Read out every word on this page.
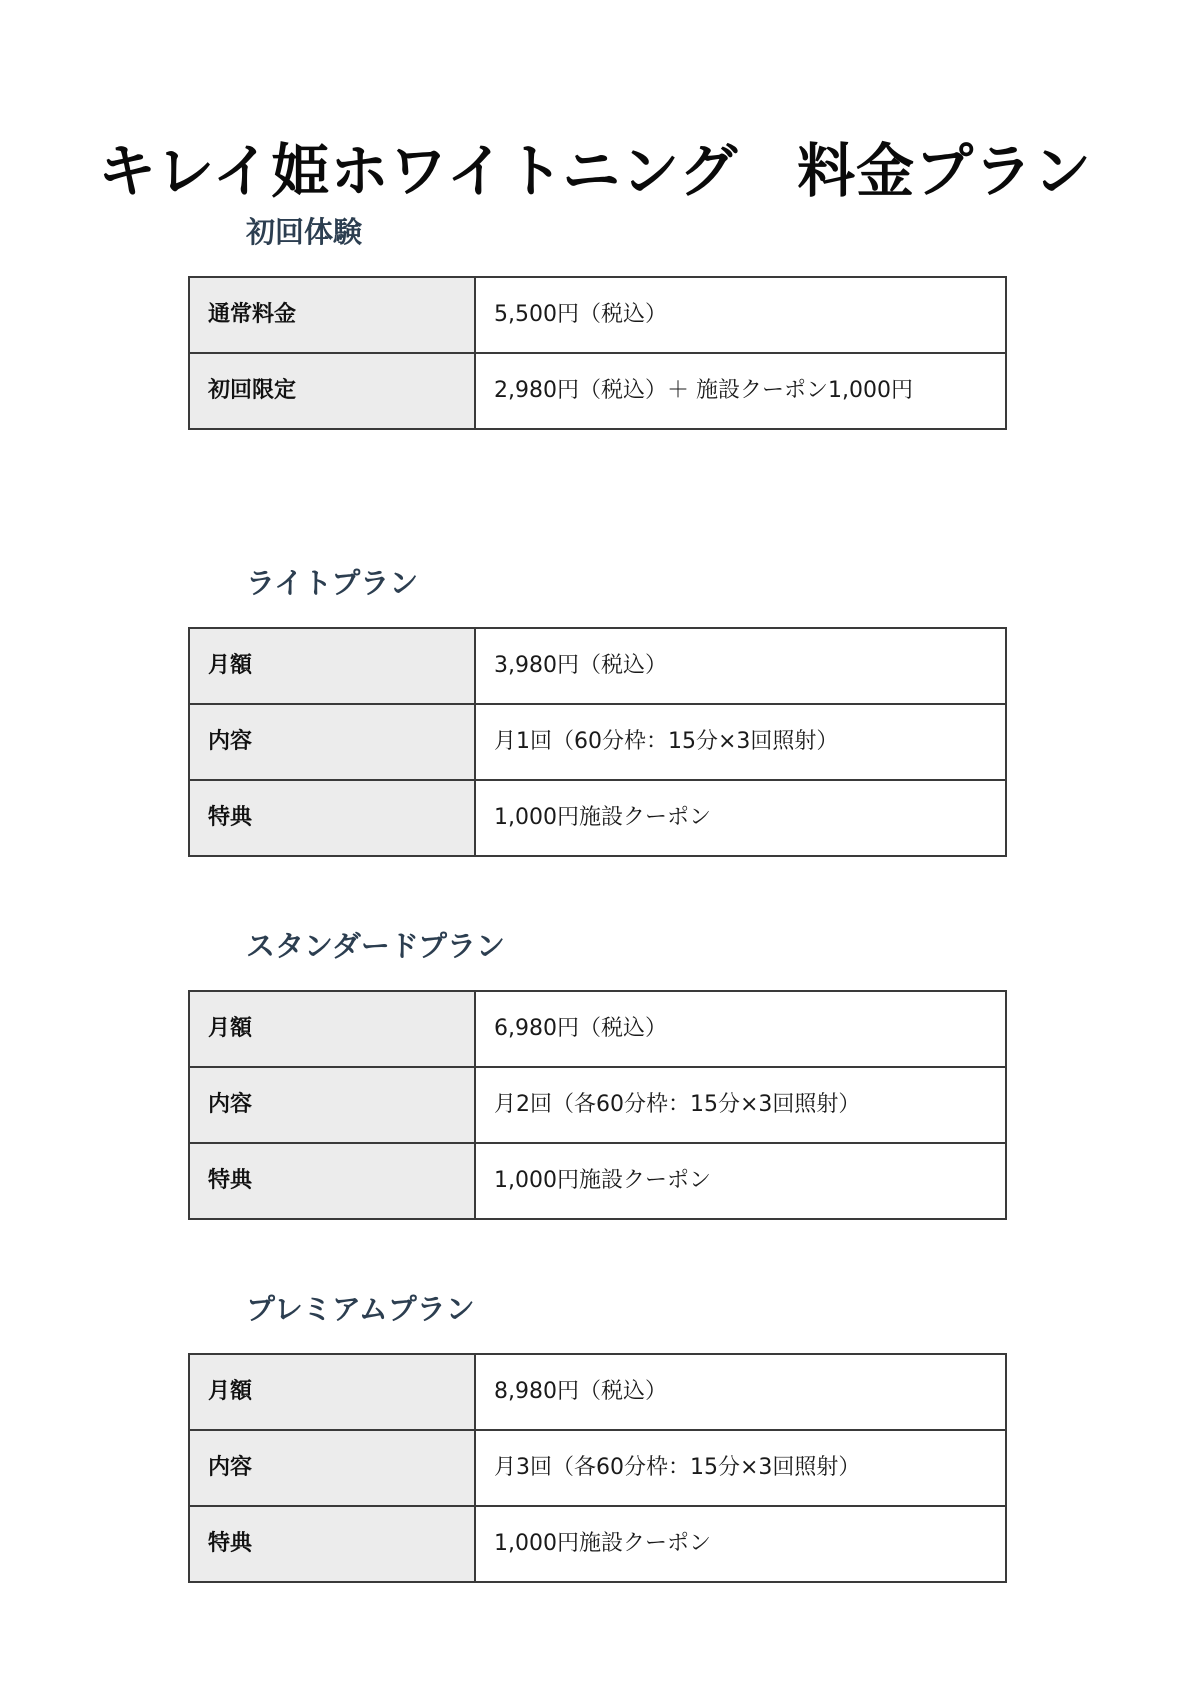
キレイ姫ホワイトニング　料金プラン
初回体験
通常料金	5,500円（税込）
初回限定	2,980円（税込）＋ 施設クーポン1,000円
ライトプラン
月額	3,980円（税込）
内容	月1回（60分枠：15分×3回照射）
特典	1,000円施設クーポン
スタンダードプラン
月額	6,980円（税込）
内容	月2回（各60分枠：15分×3回照射）
特典	1,000円施設クーポン
プレミアムプラン
月額	8,980円（税込）
内容	月3回（各60分枠：15分×3回照射）
特典	1,000円施設クーポン
